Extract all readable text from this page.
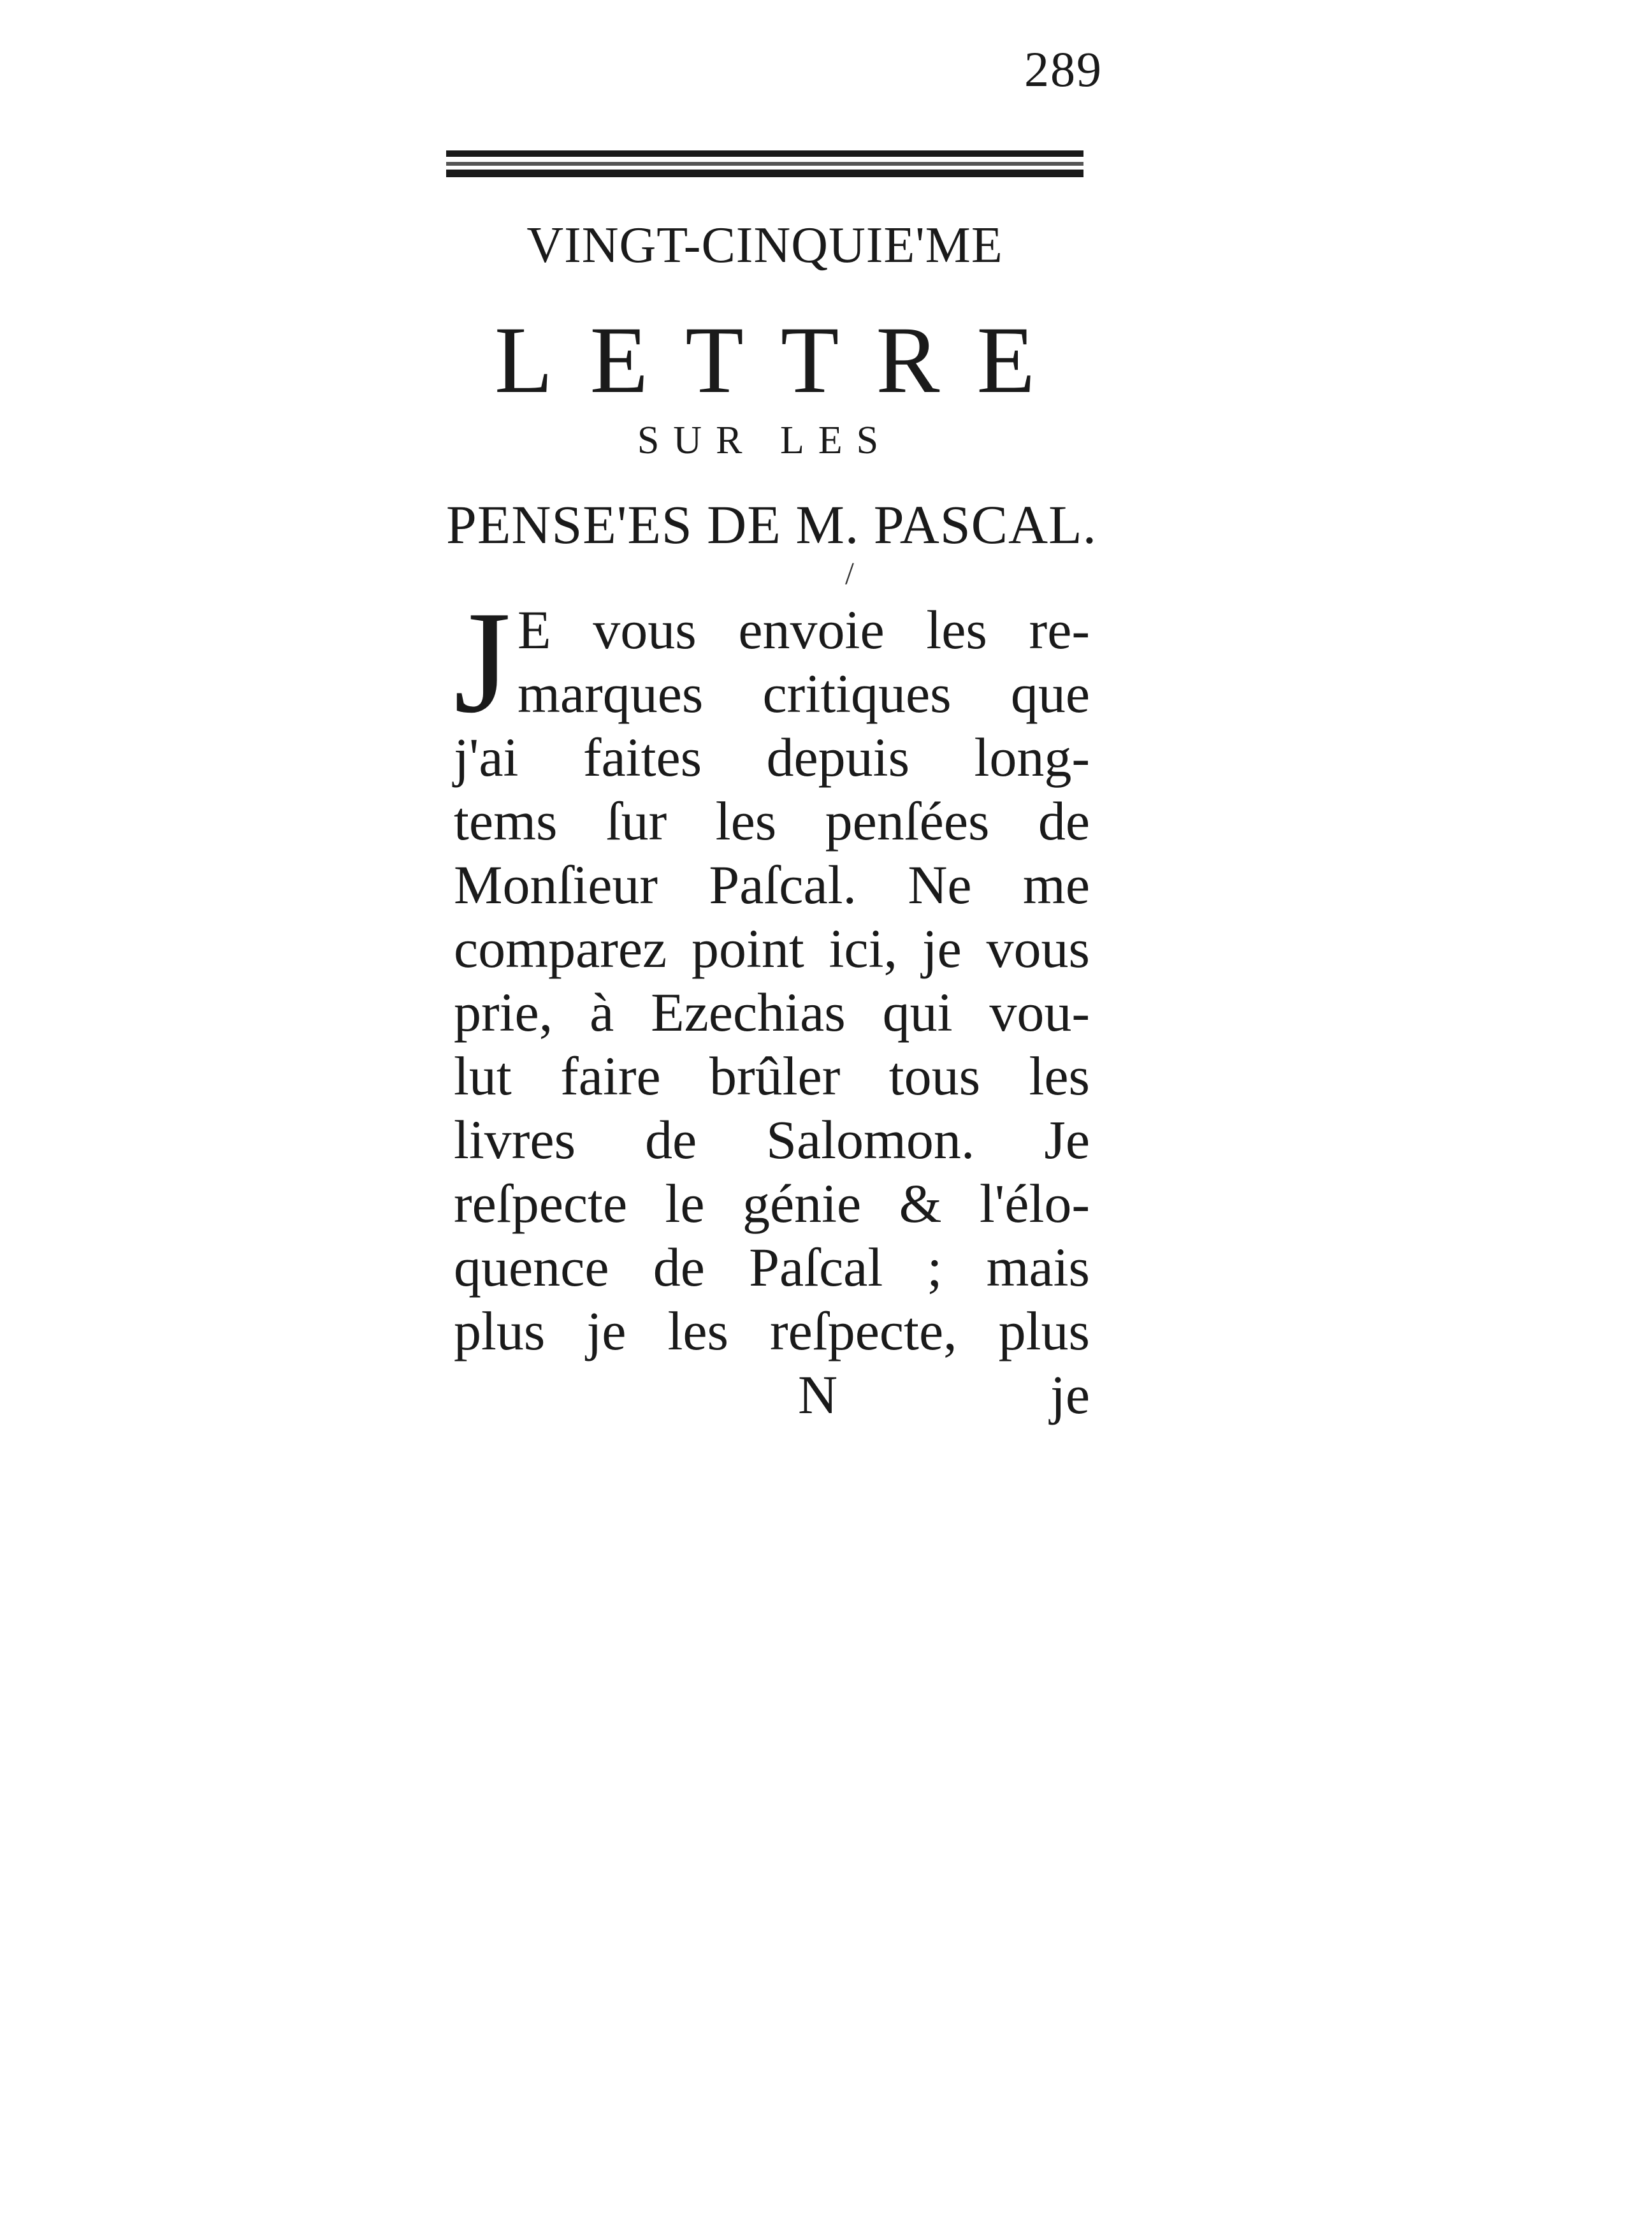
289
VINGT-CINQUIE'ME
LETTRE
SUR LES
PENSE'ES DE M. PASCAL.
/
J E vous envoie les re-
marques critiques que
j'ai faites depuis long-
tems ſur les penſées de
Monſieur Paſcal. Ne me
comparez point ici, je vous
prie, à Ezechias qui vou-
lut faire brûler tous les
livres de Salomon. Je
reſpecte le génie & l'élo-
quence de Paſcal ; mais
plus je les reſpecte, plus
N	je
